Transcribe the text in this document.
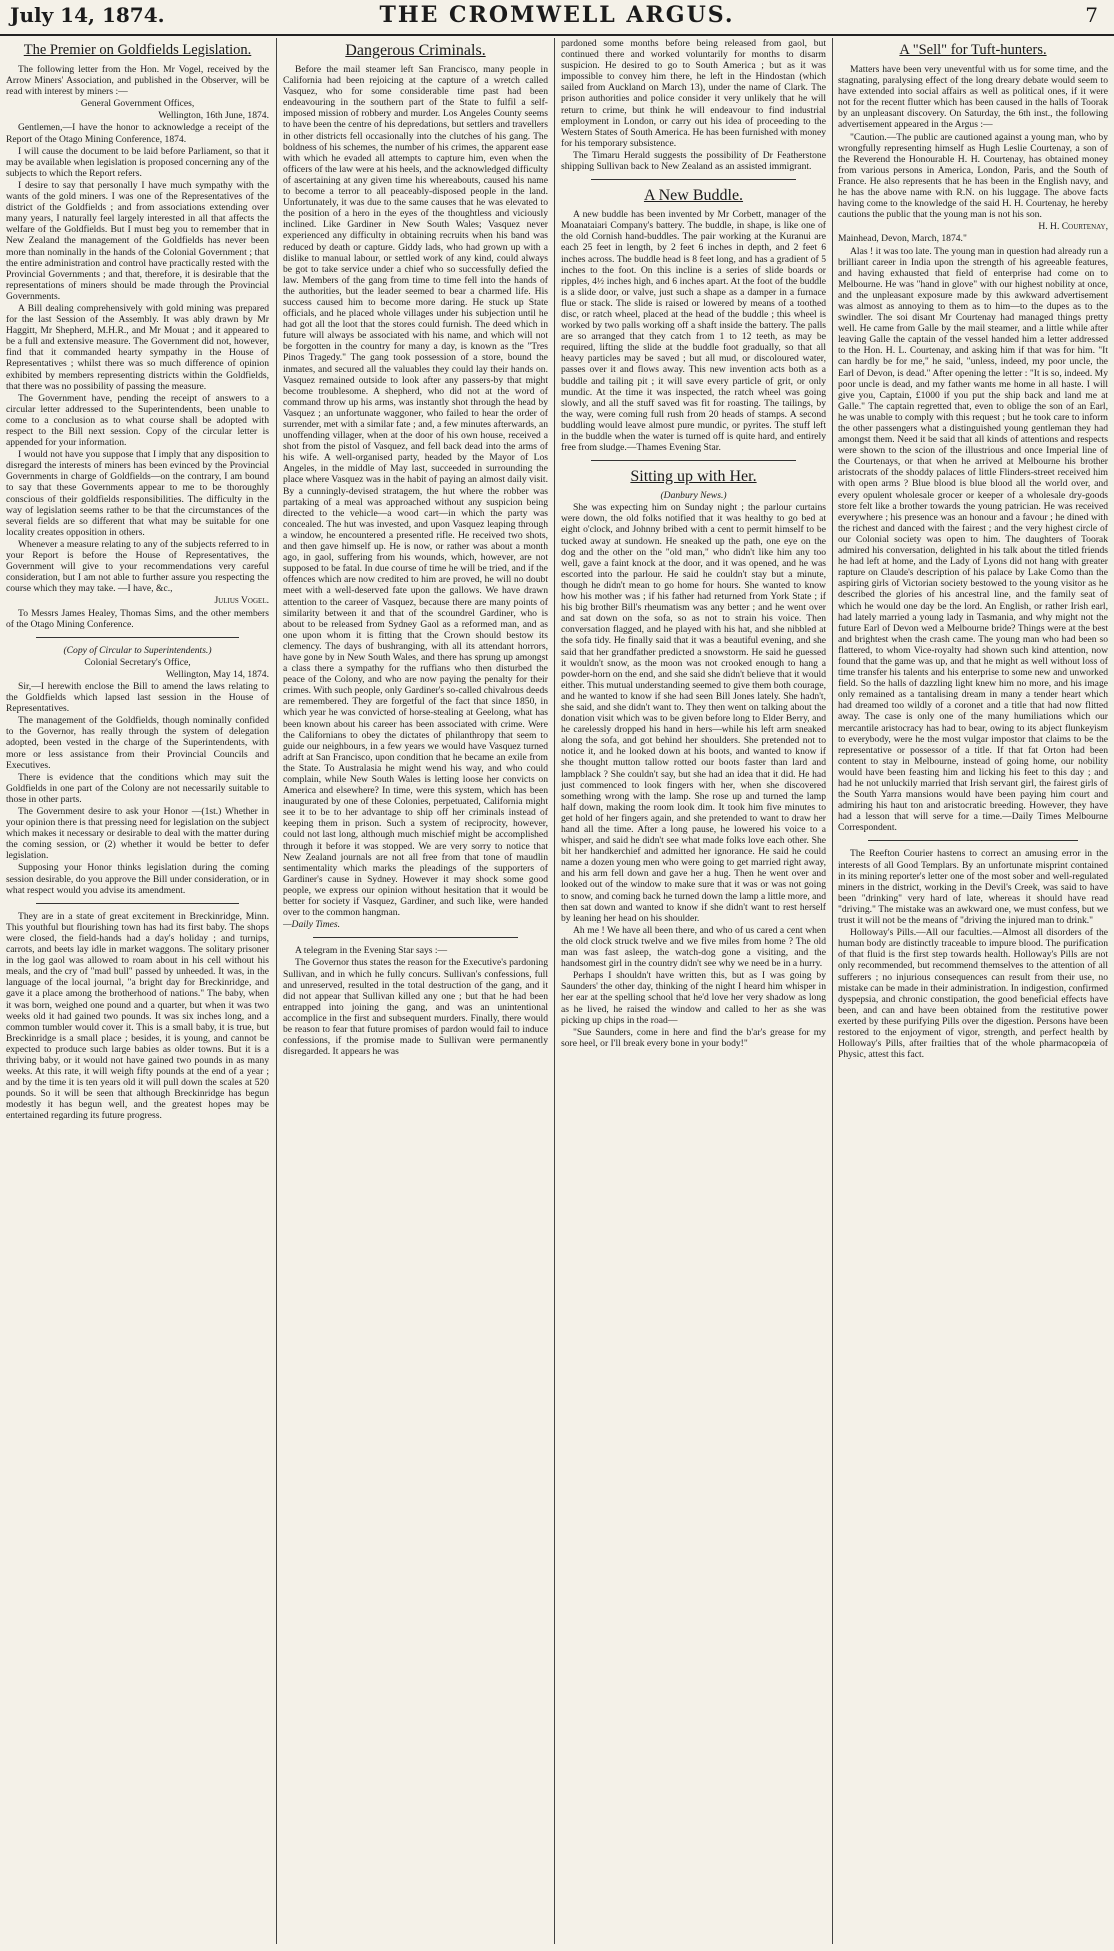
July 14, 1874.	THE CROMWELL ARGUS.	7
The Premier on Goldfields Legislation.

The following letter from the Hon. Mr Vogel, received by the Arrow Miners' Association, and published in the Observer, will be read with interest by miners :—

General Government Offices,

Wellington, 16th June, 1874.

Gentlemen,—I have the honor to acknowledge a receipt of the Report of the Otago Mining Conference, 1874.

I will cause the document to be laid before Parliament, so that it may be available when legislation is proposed concerning any of the subjects to which the Report refers.

I desire to say that personally I have much sympathy with the wants of the gold miners. I was one of the Representatives of the district of the Goldfields ; and from associations extending over many years, I naturally feel largely interested in all that affects the welfare of the Goldfields. But I must beg you to remember that in New Zealand the management of the Goldfields has never been more than nominally in the hands of the Colonial Government ; that the entire administration and control have practically rested with the Provincial Governments ; and that, therefore, it is desirable that the representations of miners should be made through the Provincial Governments.

A Bill dealing comprehensively with gold mining was prepared for the last Session of the Assembly. It was ably drawn by Mr Haggitt, Mr Shepherd, M.H.R., and Mr Mouat ; and it appeared to be a full and extensive measure. The Government did not, however, find that it commanded hearty sympathy in the House of Representatives ; whilst there was so much difference of opinion exhibited by members representing districts within the Goldfields, that there was no possibility of passing the measure.

The Government have, pending the receipt of answers to a circular letter addressed to the Superintendents, been unable to come to a conclusion as to what course shall be adopted with respect to the Bill next session. Copy of the circular letter is appended for your information.

I would not have you suppose that I imply that any disposition to disregard the interests of miners has been evinced by the Provincial Governments in charge of Goldfields—on the contrary, I am bound to say that these Governments appear to me to be thoroughly conscious of their goldfields responsibilities. The difficulty in the way of legislation seems rather to be that the circumstances of the several fields are so different that what may be suitable for one locality creates opposition in others.

Whenever a measure relating to any of the subjects referred to in your Report is before the House of Representatives, the Government will give to your recommendations very careful consideration, but I am not able to further assure you respecting the course which they may take. —I have, &c.,

Julius Vogel.

To Messrs James Healey, Thomas Sims, and the other members of the Otago Mining Conference.

(Copy of Circular to Superintendents.)

Colonial Secretary's Office,

Wellington, May 14, 1874.

Sir,—I herewith enclose the Bill to amend the laws relating to the Goldfields which lapsed last session in the House of Representatives.

The management of the Goldfields, though nominally confided to the Governor, has really through the system of delegation adopted, been vested in the charge of the Superintendents, with more or less assistance from their Provincial Councils and Executives.

There is evidence that the conditions which may suit the Goldfields in one part of the Colony are not necessarily suitable to those in other parts.

The Government desire to ask your Honor —(1st.) Whether in your opinion there is that pressing need for legislation on the subject which makes it necessary or desirable to deal with the matter during the coming session, or (2) whether it would be better to defer legislation.

Supposing your Honor thinks legislation during the coming session desirable, do you approve the Bill under consideration, or in what respect would you advise its amendment.

They are in a state of great excitement in Breckinridge, Minn. This youthful but flourishing town has had its first baby. The shops were closed, the field-hands had a day's holiday ; and turnips, carrots, and beets lay idle in market waggons. The solitary prisoner in the log gaol was allowed to roam about in his cell without his meals, and the cry of "mad bull" passed by unheeded. It was, in the language of the local journal, "a bright day for Breckinridge, and gave it a place among the brotherhood of nations." The baby, when it was born, weighed one pound and a quarter, but when it was two weeks old it had gained two pounds. It was six inches long, and a common tumbler would cover it. This is a small baby, it is true, but Breckinridge is a small place ; besides, it is young, and cannot be expected to produce such large babies as older towns. But it is a thriving baby, or it would not have gained two pounds in as many weeks. At this rate, it will weigh fifty pounds at the end of a year ; and by the time it is ten years old it will pull down the scales at 520 pounds. So it will be seen that although Breckinridge has begun modestly it has begun well, and the greatest hopes may be entertained regarding its future progress.

Dangerous Criminals.

Before the mail steamer left San Francisco, many people in California had been rejoicing at the capture of a wretch called Vasquez, who for some considerable time past had been endeavouring in the southern part of the State to fulfil a self-imposed mission of robbery and murder. Los Angeles County seems to have been the centre of his depredations, but settlers and travellers in other districts fell occasionally into the clutches of his gang. The boldness of his schemes, the number of his crimes, the apparent ease with which he evaded all attempts to capture him, even when the officers of the law were at his heels, and the acknowledged difficulty of ascertaining at any given time his whereabouts, caused his name to become a terror to all peaceably-disposed people in the land. Unfortunately, it was due to the same causes that he was elevated to the position of a hero in the eyes of the thoughtless and viciously inclined. Like Gardiner in New South Wales; Vasquez never experienced any difficulty in obtaining recruits when his band was reduced by death or capture. Giddy lads, who had grown up with a dislike to manual labour, or settled work of any kind, could always be got to take service under a chief who so successfully defied the law. Members of the gang from time to time fell into the hands of the authorities, but the leader seemed to bear a charmed life. His success caused him to become more daring. He stuck up State officials, and he placed whole villages under his subjection until he had got all the loot that the stores could furnish. The deed which in future will always be associated with his name, and which will not be forgotten in the country for many a day, is known as the "Tres Pinos Tragedy." The gang took possession of a store, bound the inmates, and secured all the valuables they could lay their hands on. Vasquez remained outside to look after any passers-by that might become troublesome. A shepherd, who did not at the word of command throw up his arms, was instantly shot through the head by Vasquez ; an unfortunate waggoner, who failed to hear the order of surrender, met with a similar fate ; and, a few minutes afterwards, an unoffending villager, when at the door of his own house, received a shot from the pistol of Vasquez, and fell back dead into the arms of his wife. A well-organised party, headed by the Mayor of Los Angeles, in the middle of May last, succeeded in surrounding the place where Vasquez was in the habit of paying an almost daily visit. By a cunningly-devised stratagem, the hut where the robber was partaking of a meal was approached without any suspicion being directed to the vehicle—a wood cart—in which the party was concealed. The hut was invested, and upon Vasquez leaping through a window, he encountered a presented rifle. He received two shots, and then gave himself up. He is now, or rather was about a month ago, in gaol, suffering from his wounds, which, however, are not supposed to be fatal. In due course of time he will be tried, and if the offences which are now credited to him are proved, he will no doubt meet with a well-deserved fate upon the gallows. We have drawn attention to the career of Vasquez, because there are many points of similarity between it and that of the scoundrel Gardiner, who is about to be released from Sydney Gaol as a reformed man, and as one upon whom it is fitting that the Crown should bestow its clemency. The days of bushranging, with all its attendant horrors, have gone by in New South Wales, and there has sprung up amongst a class there a sympathy for the ruffians who then disturbed the peace of the Colony, and who are now paying the penalty for their crimes. With such people, only Gardiner's so-called chivalrous deeds are remembered. They are forgetful of the fact that since 1850, in which year he was convicted of horse-stealing at Geelong, what has been known about his career has been associated with crime. Were the Californians to obey the dictates of philanthropy that seem to guide our neighbours, in a few years we would have Vasquez turned adrift at San Francisco, upon condition that he became an exile from the State. To Australasia he might wend his way, and who could complain, while New South Wales is letting loose her convicts on America and elsewhere? In time, were this system, which has been inaugurated by one of these Colonies, perpetuated, California might see it to be to her advantage to ship off her criminals instead of keeping them in prison. Such a system of reciprocity, however, could not last long, although much mischief might be accomplished through it before it was stopped. We are very sorry to notice that New Zealand journals are not all free from that tone of maudlin sentimentality which marks the pleadings of the supporters of Gardiner's cause in Sydney. However it may shock some good people, we express our opinion without hesitation that it would be better for society if Vasquez, Gardiner, and such like, were handed over to the common hangman.

—Daily Times.

A telegram in the Evening Star says :—

The Governor thus states the reason for the Executive's pardoning Sullivan, and in which he fully concurs. Sullivan's confessions, full and unreserved, resulted in the total destruction of the gang, and it did not appear that Sullivan killed any one ; but that he had been entrapped into joining the gang, and was an unintentional accomplice in the first and subsequent murders. Finally, there would be reason to fear that future promises of pardon would fail to induce confessions, if the promise made to Sullivan were permanently disregarded. It appears he was

pardoned some months before being released from gaol, but continued there and worked voluntarily for months to disarm suspicion. He desired to go to South America ; but as it was impossible to convey him there, he left in the Hindostan (which sailed from Auckland on March 13), under the name of Clark. The prison authorities and police consider it very unlikely that he will return to crime, but think he will endeavour to find industrial employment in London, or carry out his idea of proceeding to the Western States of South America. He has been furnished with money for his temporary subsistence.

The Timaru Herald suggests the possibility of Dr Featherstone shipping Sullivan back to New Zealand as an assisted immigrant.

A New Buddle.

A new buddle has been invented by Mr Corbett, manager of the Moanataiari Company's battery. The buddle, in shape, is like one of the old Cornish hand-buddles. The pair working at the Kuranui are each 25 feet in length, by 2 feet 6 inches in depth, and 2 feet 6 inches across. The buddle head is 8 feet long, and has a gradient of 5 inches to the foot. On this incline is a series of slide boards or ripples, 4½ inches high, and 6 inches apart. At the foot of the buddle is a slide door, or valve, just such a shape as a damper in a furnace flue or stack. The slide is raised or lowered by means of a toothed disc, or ratch wheel, placed at the head of the buddle ; this wheel is worked by two palls working off a shaft inside the battery. The palls are so arranged that they catch from 1 to 12 teeth, as may be required, lifting the slide at the buddle foot gradually, so that all heavy particles may be saved ; but all mud, or discoloured water, passes over it and flows away. This new invention acts both as a buddle and tailing pit ; it will save every particle of grit, or only mundic. At the time it was inspected, the ratch wheel was going slowly, and all the stuff saved was fit for roasting. The tailings, by the way, were coming full rush from 20 heads of stamps. A second buddling would leave almost pure mundic, or pyrites. The stuff left in the buddle when the water is turned off is quite hard, and entirely free from sludge.—Thames Evening Star.

Sitting up with Her.

(Danbury News.)

She was expecting him on Sunday night ; the parlour curtains were down, the old folks notified that it was healthy to go bed at eight o'clock, and Johnny bribed with a cent to permit himself to be tucked away at sundown. He sneaked up the path, one eye on the dog and the other on the "old man," who didn't like him any too well, gave a faint knock at the door, and it was opened, and he was escorted into the parlour. He said he couldn't stay but a minute, though he didn't mean to go home for hours. She wanted to know how his mother was ; if his father had returned from York State ; if his big brother Bill's rheumatism was any better ; and he went over and sat down on the sofa, so as not to strain his voice. Then conversation flagged, and he played with his hat, and she nibbled at the sofa tidy. He finally said that it was a beautiful evening, and she said that her grandfather predicted a snowstorm. He said he guessed it wouldn't snow, as the moon was not crooked enough to hang a powder-horn on the end, and she said she didn't believe that it would either. This mutual understanding seemed to give them both courage, and he wanted to know if she had seen Bill Jones lately. She hadn't, she said, and she didn't want to. They then went on talking about the donation visit which was to be given before long to Elder Berry, and he carelessly dropped his hand in hers—while his left arm sneaked along the sofa, and got behind her shoulders. She pretended not to notice it, and he looked down at his boots, and wanted to know if she thought mutton tallow rotted our boots faster than lard and lampblack ? She couldn't say, but she had an idea that it did. He had just commenced to look fingers with her, when she discovered something wrong with the lamp. She rose up and turned the lamp half down, making the room look dim. It took him five minutes to get hold of her fingers again, and she pretended to want to draw her hand all the time. After a long pause, he lowered his voice to a whisper, and said he didn't see what made folks love each other. She bit her handkerchief and admitted her ignorance. He said he could name a dozen young men who were going to get married right away, and his arm fell down and gave her a hug. Then he went over and looked out of the window to make sure that it was or was not going to snow, and coming back he turned down the lamp a little more, and then sat down and wanted to know if she didn't want to rest herself by leaning her head on his shoulder.

Ah me ! We have all been there, and who of us cared a cent when the old clock struck twelve and we five miles from home ? The old man was fast asleep, the watch-dog gone a visiting, and the handsomest girl in the country didn't see why we need be in a hurry.

Perhaps I shouldn't have written this, but as I was going by Saunders' the other day, thinking of the night I heard him whisper in her ear at the spelling school that he'd love her very shadow as long as he lived, he raised the window and called to her as she was picking up chips in the road—

"Sue Saunders, come in here and find the b'ar's grease for my sore heel, or I'll break every bone in your body!"

A "Sell" for Tuft-hunters.

Matters have been very uneventful with us for some time, and the stagnating, paralysing effect of the long dreary debate would seem to have extended into social affairs as well as political ones, if it were not for the recent flutter which has been caused in the halls of Toorak by an unpleasant discovery. On Saturday, the 6th inst., the following advertisement appeared in the Argus :—

"Caution.—The public are cautioned against a young man, who by wrongfully representing himself as Hugh Leslie Courtenay, a son of the Reverend the Honourable H. H. Courtenay, has obtained money from various persons in America, London, Paris, and the South of France. He also represents that he has been in the English navy, and he has the above name with R.N. on his luggage. The above facts having come to the knowledge of the said H. H. Courtenay, he hereby cautions the public that the young man is not his son.

H. H. Courtenay,

Mainhead, Devon, March, 1874."

Alas ! it was too late. The young man in question had already run a brilliant career in India upon the strength of his agreeable features, and having exhausted that field of enterprise had come on to Melbourne. He was "hand in glove" with our highest nobility at once, and the unpleasant exposure made by this awkward advertisement was almost as annoying to them as to him—to the dupes as to the swindler. The soi disant Mr Courtenay had managed things pretty well. He came from Galle by the mail steamer, and a little while after leaving Galle the captain of the vessel handed him a letter addressed to the Hon. H. L. Courtenay, and asking him if that was for him. "It can hardly be for me," he said, "unless, indeed, my poor uncle, the Earl of Devon, is dead." After opening the letter : "It is so, indeed. My poor uncle is dead, and my father wants me home in all haste. I will give you, Captain, £1000 if you put the ship back and land me at Galle." The captain regretted that, even to oblige the son of an Earl, he was unable to comply with this request ; but he took care to inform the other passengers what a distinguished young gentleman they had amongst them. Need it be said that all kinds of attentions and respects were shown to the scion of the illustrious and once Imperial line of the Courtenays, or that when he arrived at Melbourne his brother aristocrats of the shoddy palaces of little Flinders-street received him with open arms ? Blue blood is blue blood all the world over, and every opulent wholesale grocer or keeper of a wholesale dry-goods store felt like a brother towards the young patrician. He was received everywhere ; his presence was an honour and a favour ; he dined with the richest and danced with the fairest ; and the very highest circle of our Colonial society was open to him. The daughters of Toorak admired his conversation, delighted in his talk about the titled friends he had left at home, and the Lady of Lyons did not hang with greater rapture on Claude's description of his palace by Lake Como than the aspiring girls of Victorian society bestowed to the young visitor as he described the glories of his ancestral line, and the family seat of which he would one day be the lord. An English, or rather Irish earl, had lately married a young lady in Tasmania, and why might not the future Earl of Devon wed a Melbourne bride? Things were at the best and brightest when the crash came. The young man who had been so flattered, to whom Vice-royalty had shown such kind attention, now found that the game was up, and that he might as well without loss of time transfer his talents and his enterprise to some new and unworked field. So the halls of dazzling light knew him no more, and his image only remained as a tantalising dream in many a tender heart which had dreamed too wildly of a coronet and a title that had now flitted away. The case is only one of the many humiliations which our mercantile aristocracy has had to bear, owing to its abject flunkeyism to everybody, were he the most vulgar impostor that claims to be the representative or possessor of a title. If that fat Orton had been content to stay in Melbourne, instead of going home, our nobility would have been feasting him and licking his feet to this day ; and had he not unluckily married that Irish servant girl, the fairest girls of the South Yarra mansions would have been paying him court and admiring his haut ton and aristocratic breeding. However, they have had a lesson that will serve for a time.—Daily Times Melbourne Correspondent.

The Reefton Courier hastens to correct an amusing error in the interests of all Good Templars. By an unfortunate misprint contained in its mining reporter's letter one of the most sober and well-regulated miners in the district, working in the Devil's Creek, was said to have been "drinking" very hard of late, whereas it should have read "driving." The mistake was an awkward one, we must confess, but we trust it will not be the means of "driving the injured man to drink."

Holloway's Pills.—All our faculties.—Almost all disorders of the human body are distinctly traceable to impure blood. The purification of that fluid is the first step towards health. Holloway's Pills are not only recommended, but recommend themselves to the attention of all sufferers ; no injurious consequences can result from their use, no mistake can be made in their administration. In indigestion, confirmed dyspepsia, and chronic constipation, the good beneficial effects have been, and can and have been obtained from the restitutive power exerted by these purifying Pills over the digestion. Persons have been restored to the enjoyment of vigor, strength, and perfect health by Holloway's Pills, after frailties that of the whole pharmacopœia of Physic, attest this fact.
